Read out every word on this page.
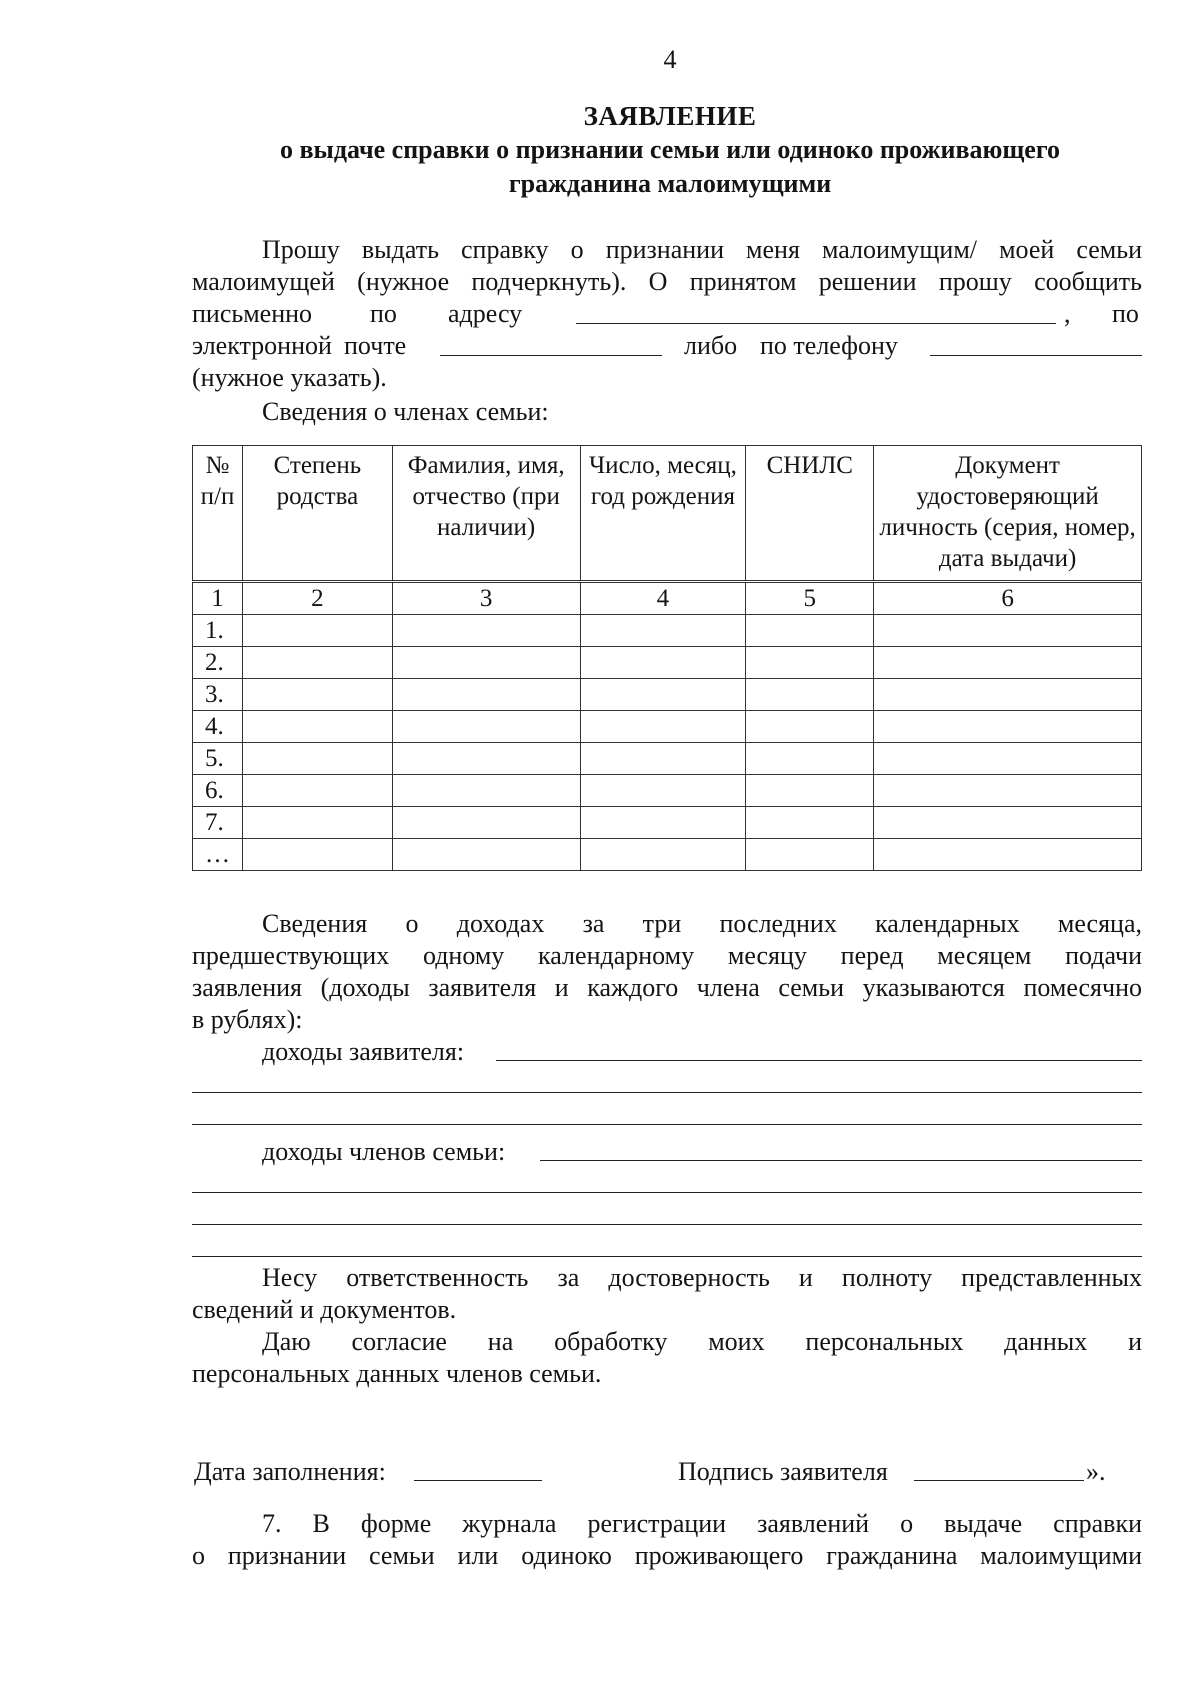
4
ЗАЯВЛЕНИЕ
о выдаче справки о признании семьи или одиноко проживающего
гражданина малоимущими
Прошу выдать справку о признании меня малоимущим/ моей семьи
малоимущей (нужное подчеркнуть). О принятом решении прошу сообщить
письменно по адресу	, по
электронной почте	либо по телефону
(нужное указать).
Сведения о членах семьи:
№ п/п	Степень родства	Фамилия, имя, отчество (при наличии)	Число, месяц, год рождения	СНИЛС	Документ удостоверяющий личность (серия, номер, дата выдачи)
1	2	3	4	5	6
1.					
2.					
3.					
4.					
5.					
6.					
7.					
…					
Сведения о доходах за три последних календарных месяца,
предшествующих одному календарному месяцу перед месяцем подачи
заявления (доходы заявителя и каждого члена семьи указываются помесячно
в рублях):
доходы заявителя:
доходы членов семьи:
Несу ответственность за достоверность и полноту представленных
сведений и документов.
Даю согласие на обработку моих персональных данных и
персональных данных членов семьи.
Дата заполнения:	Подпись заявителя	».
7. В форме журнала регистрации заявлений о выдаче справки
о признании семьи или одиноко проживающего гражданина малоимущими
